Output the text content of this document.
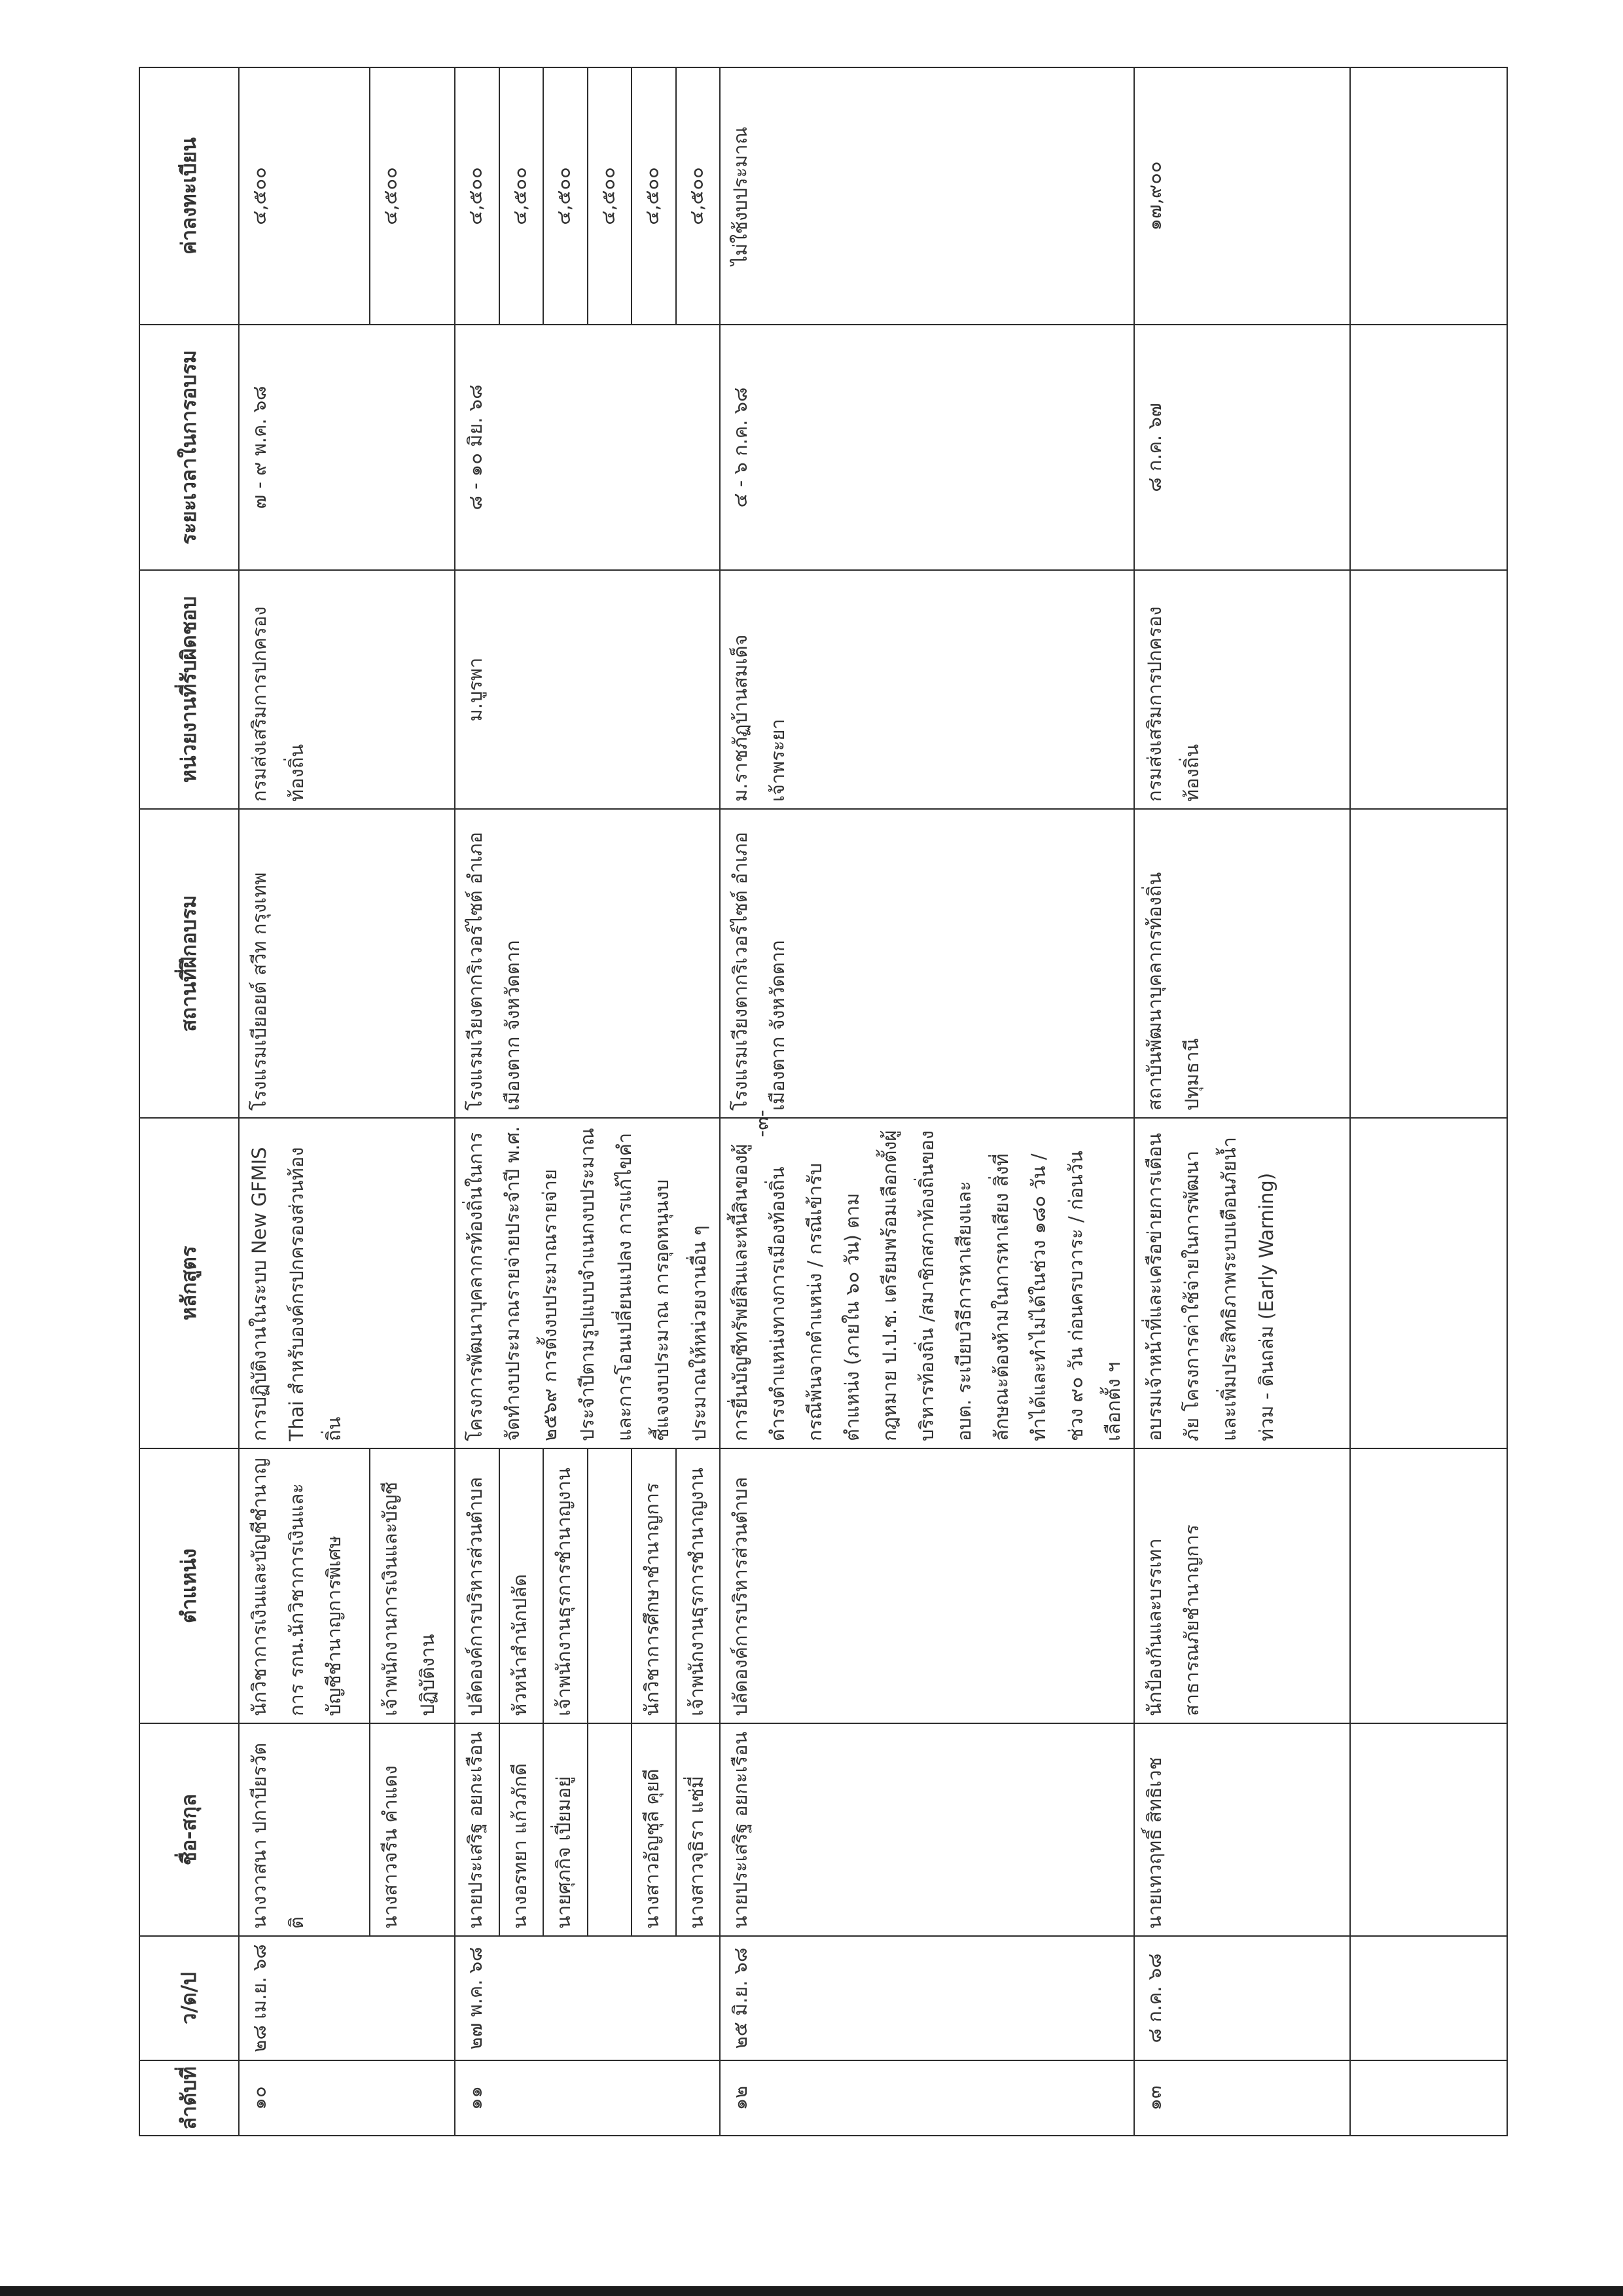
-๓-
ลำดับที่	ว/ด/ป	ชื่อ-สกุล	ตำแหน่ง	หลักสูตร	สถานที่ฝึกอบรม	หน่วยงานที่รับผิดชอบ	ระยะเวลาในการอบรม	ค่าลงทะเบียน
๑๐	๒๘ เม.ย. ๖๘	นางวาสนา ปกาบียรวัตติ	นักวิชาการเงินและบัญชีชำนาญการ รกน.นักวิชาการเงินและบัญชีชำนาญการพิเศษ	การปฏิบัติงานในระบบ New GFMIS Thai สำหรับองค์กรปกครองส่วนท้องถิ่น	โรงแรมเบียอยต์ สวีท กรุงเทพ	กรมส่งเสริมการปกครองท้องถิ่น	๗ - ๙ พ.ค. ๖๘	๔,๕๐๐
		นางสาวจรีน คำแดง	เจ้าพนักงานการเงินและบัญชีปฏิบัติงาน					๔,๕๐๐
๑๑	๒๗ พ.ค. ๖๘	นายประเสริฐ อยกะเรือน	ปลัดองค์การบริหารส่วนตำบล	โครงการพัฒนาบุคลากรท้องถิ่นในการจัดทำงบประมาณรายจ่ายประจำปี พ.ศ. ๒๕๖๙ การตั้งงบประมาณรายจ่ายประจำปีตามรูปแบบจำแนกงบประมาณและการโอนเปลี่ยนแปลง การแก้ไขคำชี้แจงงบประมาณ การอุดหนุนงบประมาณให้หน่วยงานอื่น ๆ	โรงแรมเวียงตากริเวอร์ไซต์ อำเภอเมืองตาก จังหวัดตาก	ม.บูรพา	๘ - ๑๐ มิย. ๖๘	๔,๕๐๐
		นางอรทยา แก้วภักดี	หัวหน้าสำนักปลัด					๔,๕๐๐
		นายศุภกิจ เปี่ยมอยู่	เจ้าพนักงานธุรการชำนาญงาน					๔,๕๐๐
								๔,๕๐๐
		นางสาวอัญชุลี คุยดี	นักวิชาการศึกษาชำนาญการ					๔,๕๐๐
		นางสาวจุธิรา แซ่มี่	เจ้าพนักงานธุรการชำนาญงาน					๔,๕๐๐
๑๒	๒๕ มิ.ย. ๖๘	นายประเสริฐ อยกะเรือน	ปลัดองค์การบริหารส่วนตำบล	การยื่นบัญชีทรัพย์สินและหนี้สินของผู้ดำรงตำแหน่งทางการเมืองท้องถิ่น กรณีพ้นจากตำแหน่ง / กรณีเข้ารับตำแหน่ง (ภายใน ๖๐ วัน) ตามกฎหมาย ป.ป.ช. เตรียมพร้อมเลือกตั้งผู้บริหารท้องถิ่น /สมาชิกสภาท้องถิ่นของ อบต. ระเบียบวิธีการหาเสียงและลักษณะต้องห้ามในการหาเสียง สิ่งที่ทำได้และทำไม่ได้ในช่วง ๑๘๐ วัน / ช่วง ๙๐ วัน ก่อนครบวาระ / ก่อนวันเลือกตั้ง ฯ	โรงแรมเวียงตากริเวอร์ไซต์ อำเภอเมืองตาก จังหวัดตาก	ม.ราชภัฏบ้านสมเด็จเจ้าพระยา	๔ - ๖ ก.ค. ๖๘	ไม่ใช้งบประมาณ
๑๓	๘ ก.ค. ๖๘	นายเทวฤทธิ์ สิทธิเวช	นักป้องกันและบรรเทาสาธารณภัยชำนาญการ	อบรมเจ้าหน้าที่และเครือข่ายการเตือนภัย โครงการค่าใช้จ่ายในการพัฒนาและเพิ่มประสิทธิภาพระบบเตือนภัยน้ำท่วม - ดินถล่ม (Early Warning)	สถาบันพัฒนาบุคลากรท้องถิ่น ปทุมธานี	กรมส่งเสริมการปกครองท้องถิ่น	๘ ก.ค. ๖๗	๑๗,๙๐๐
